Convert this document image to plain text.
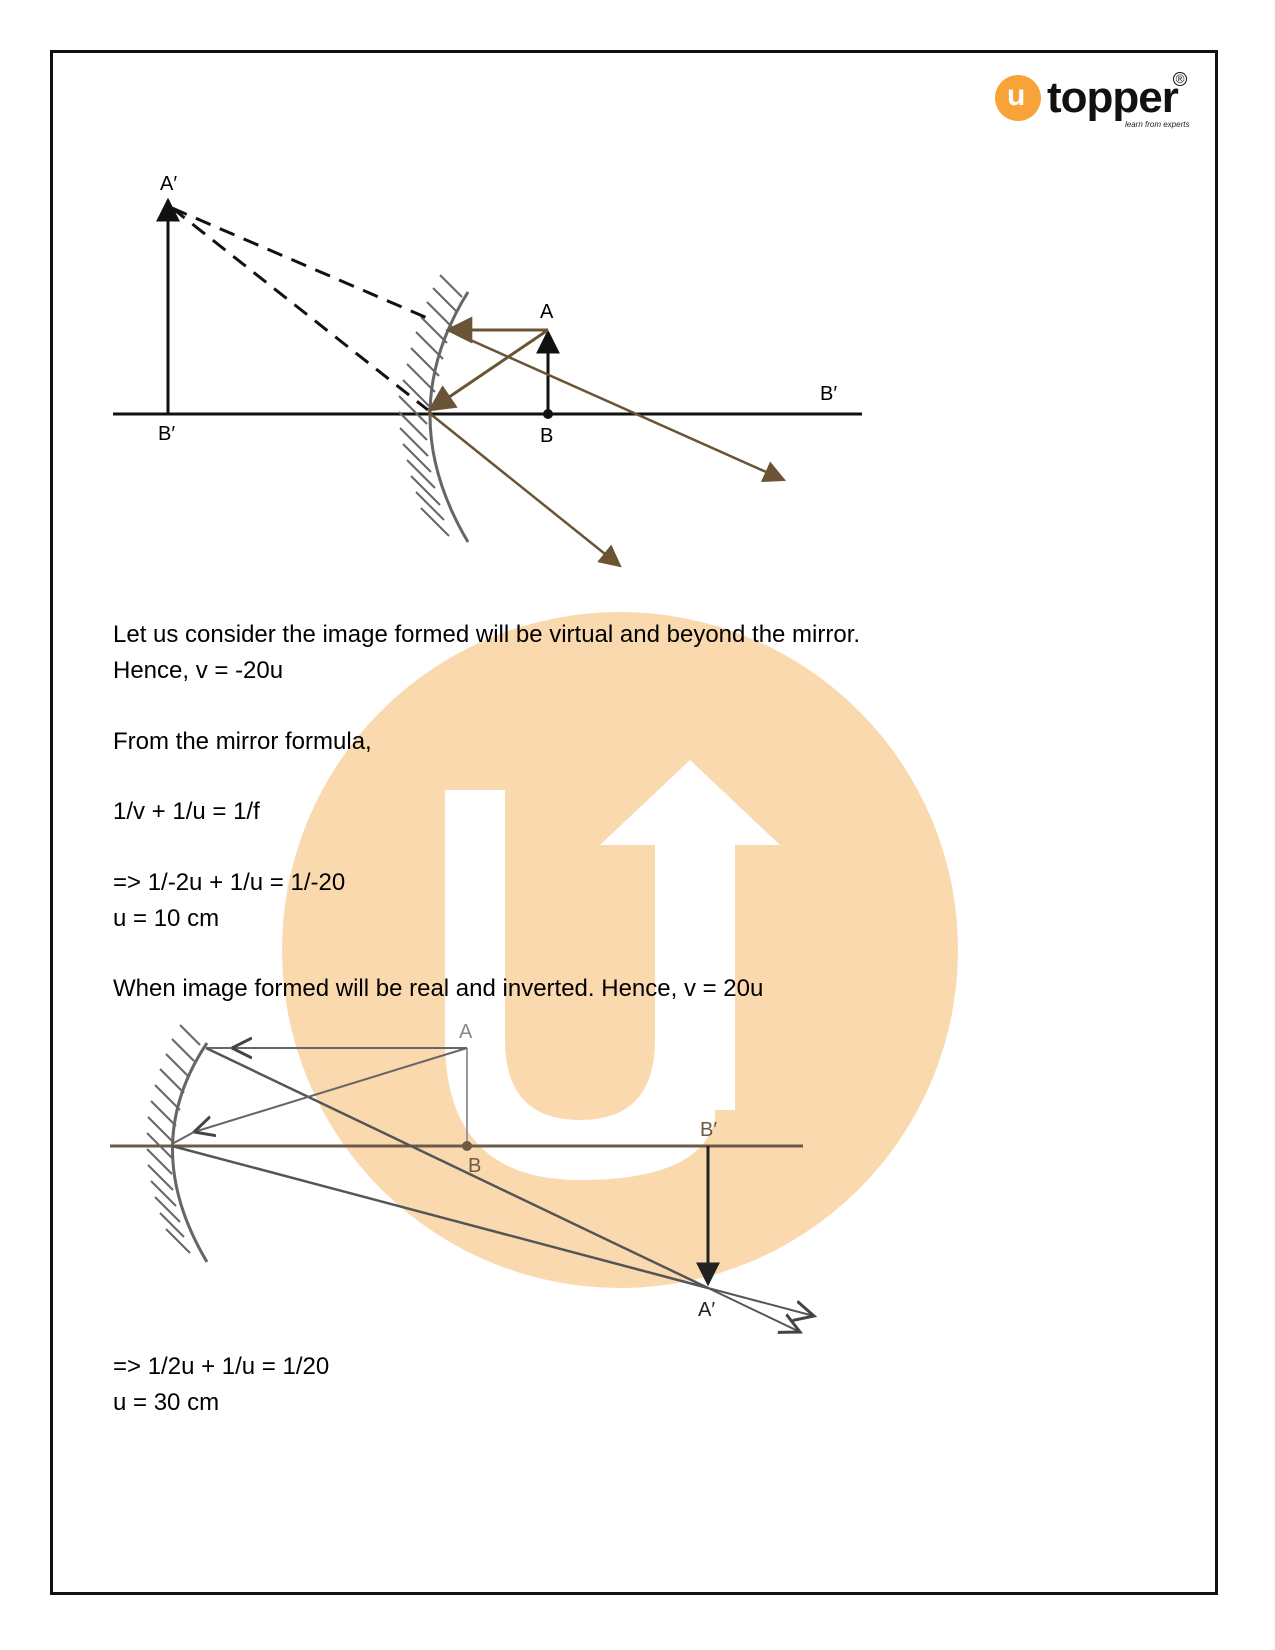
u topper
®
learn from experts
A′
A
B
B′
B′
Let us consider the image formed will be virtual and beyond the mirror.
Hence, v = -20u
From the mirror formula,
1/v + 1/u = 1/f
=> 1/-2u + 1/u = 1/-20
u = 10 cm
When image formed will be real and inverted. Hence, v = 20u
A
B
B′
A′
=> 1/2u + 1/u = 1/20
u = 30 cm
